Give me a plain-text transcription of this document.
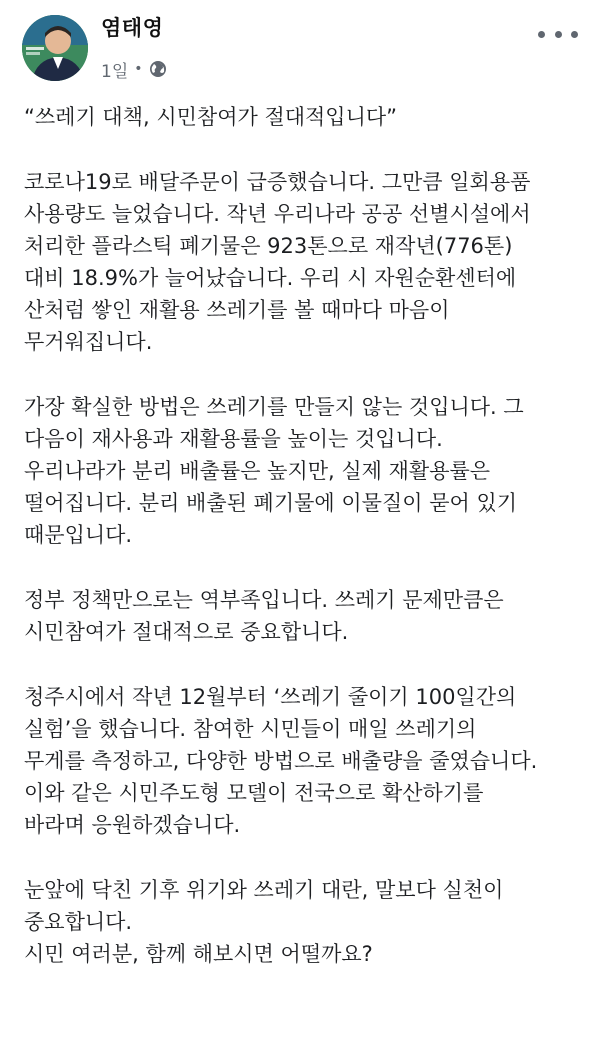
염태영
1일 •
“쓰레기 대책, 시민참여가 절대적입니다”
코로나19로 배달주문이 급증했습니다. 그만큼 일회용품
사용량도 늘었습니다. 작년 우리나라 공공 선별시설에서
처리한 플라스틱 폐기물은 923톤으로 재작년(776톤)
대비 18.9%가 늘어났습니다. 우리 시 자원순환센터에
산처럼 쌓인 재활용 쓰레기를 볼 때마다 마음이
무거워집니다.
가장 확실한 방법은 쓰레기를 만들지 않는 것입니다. 그
다음이 재사용과 재활용률을 높이는 것입니다.
우리나라가 분리 배출률은 높지만, 실제 재활용률은
떨어집니다. 분리 배출된 폐기물에 이물질이 묻어 있기
때문입니다.
정부 정책만으로는 역부족입니다. 쓰레기 문제만큼은
시민참여가 절대적으로 중요합니다.
청주시에서 작년 12월부터 ‘쓰레기 줄이기 100일간의
실험’을 했습니다. 참여한 시민들이 매일 쓰레기의
무게를 측정하고, 다양한 방법으로 배출량을 줄였습니다.
이와 같은 시민주도형 모델이 전국으로 확산하기를
바라며 응원하겠습니다.
눈앞에 닥친 기후 위기와 쓰레기 대란, 말보다 실천이
중요합니다.
시민 여러분, 함께 해보시면 어떨까요?
